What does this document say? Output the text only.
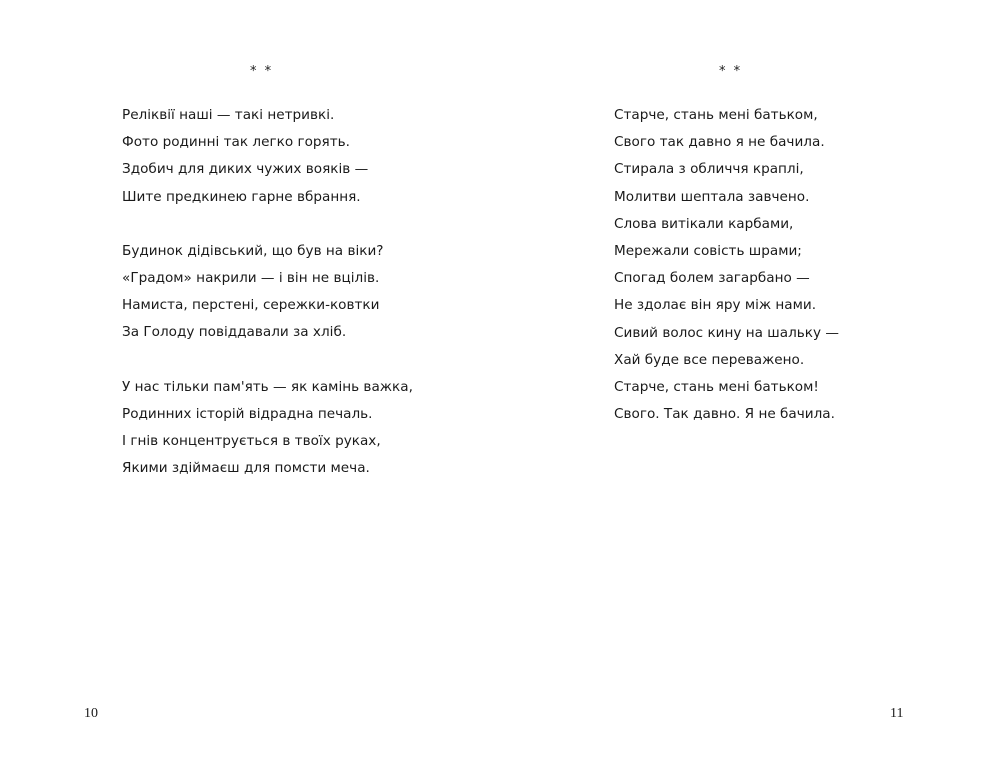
* *
Реліквії наші — такі нетривкі.
Фото родинні так легко горять.
Здобич для диких чужих вояків —
Шите предкинею гарне вбрання.
Будинок дідівський, що був на віки?
«Градом» накрили — і він не вцілів.
Намиста, перстені, сережки-ковтки
За Голоду повіддавали за хліб.
У нас тільки пам'ять — як камінь важка,
Родинних історій відрадна печаль.
І гнів концентрується в твоїх руках,
Якими здіймаєш для помсти меча.
10
* *
Старче, стань мені батьком,
Свого так давно я не бачила.
Стирала з обличчя краплі,
Молитви шептала завчено.
Слова витікали карбами,
Мережали совість шрами;
Спогад болем загарбано —
Не здолає він яру між нами.
Сивий волос кину на шальку —
Хай буде все переважено.
Старче, стань мені батьком!
Свого. Так давно. Я не бачила.
11
